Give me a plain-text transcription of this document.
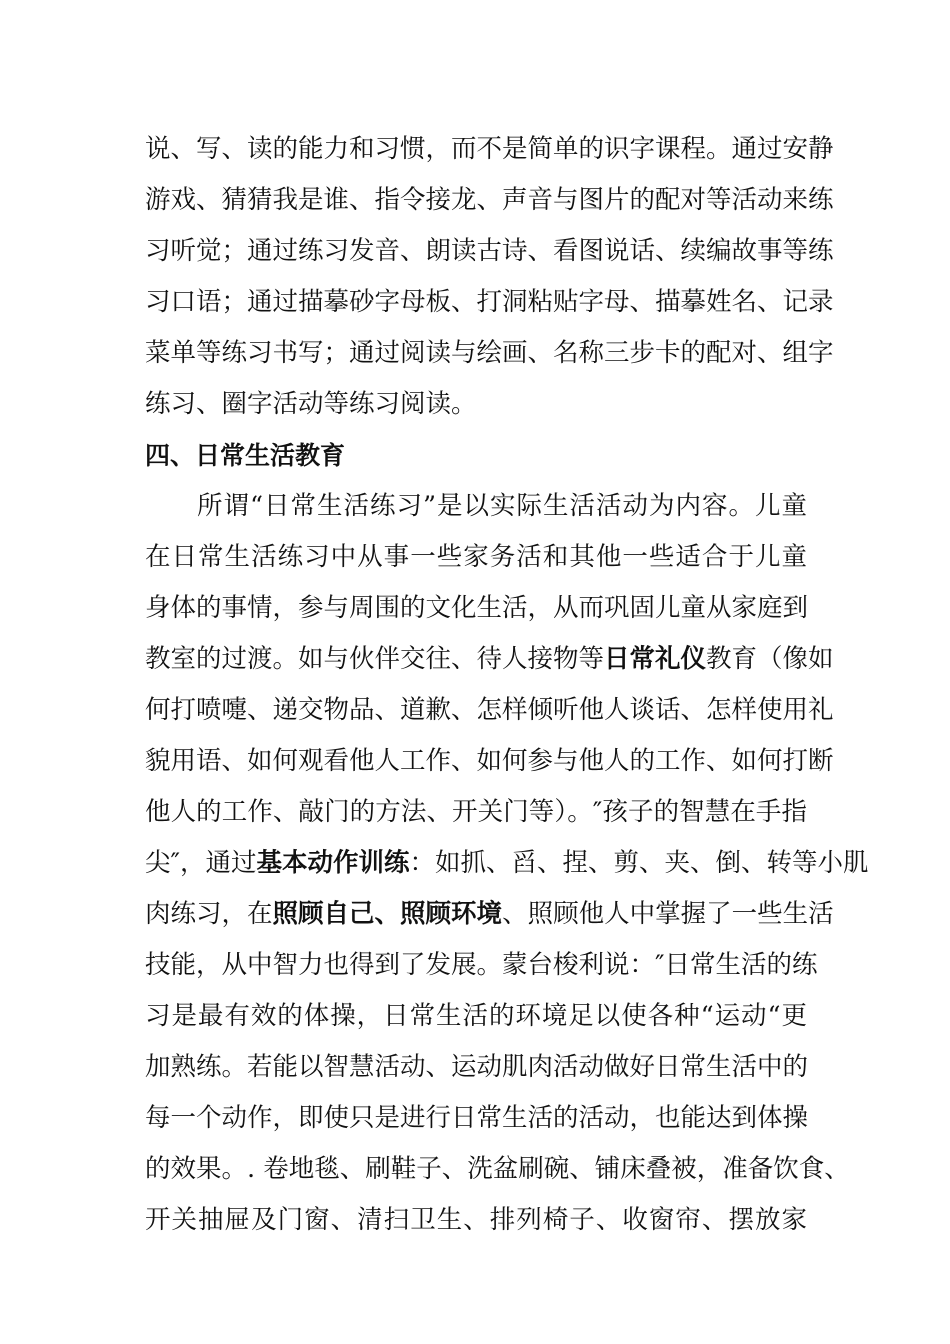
说、写、读的能力和习惯，而不是简单的识字课程。通过安静
游戏、猜猜我是谁、指令接龙、声音与图片的配对等活动来练
习听觉；通过练习发音、朗读古诗、看图说话、续编故事等练
习口语；通过描摹砂字母板、打洞粘贴字母、描摹姓名、记录
菜单等练习书写；通过阅读与绘画、名称三步卡的配对、组字
练习、圈字活动等练习阅读。
四、日常生活教育
所谓“日常生活练习”是以实际生活活动为内容。儿童
在日常生活练习中从事一些家务活和其他一些适合于儿童
身体的事情，参与周围的文化生活，从而巩固儿童从家庭到
教室的过渡。如与伙伴交往、待人接物等日常礼仪教育（像如
何打喷嚏、递交物品、道歉、怎样倾听他人谈话、怎样使用礼
貌用语、如何观看他人工作、如何参与他人的工作、如何打断
他人的工作、敲门的方法、开关门等）。″孩子的智慧在手指
尖″，通过基本动作训练：如抓、舀、捏、剪、夹、倒、转等小肌
肉练习，在照顾自己、照顾环境、照顾他人中掌握了一些生活
技能，从中智力也得到了发展。蒙台梭利说：″日常生活的练
习是最有效的体操，日常生活的环境足以使各种“运动“更
加熟练。若能以智慧活动、运动肌肉活动做好日常生活中的
每一个动作，即使只是进行日常生活的活动，也能达到体操
的效果。. 卷地毯、刷鞋子、洗盆刷碗、铺床叠被，准备饮食、
开关抽屉及门窗、清扫卫生、排列椅子、收窗帘、摆放家
